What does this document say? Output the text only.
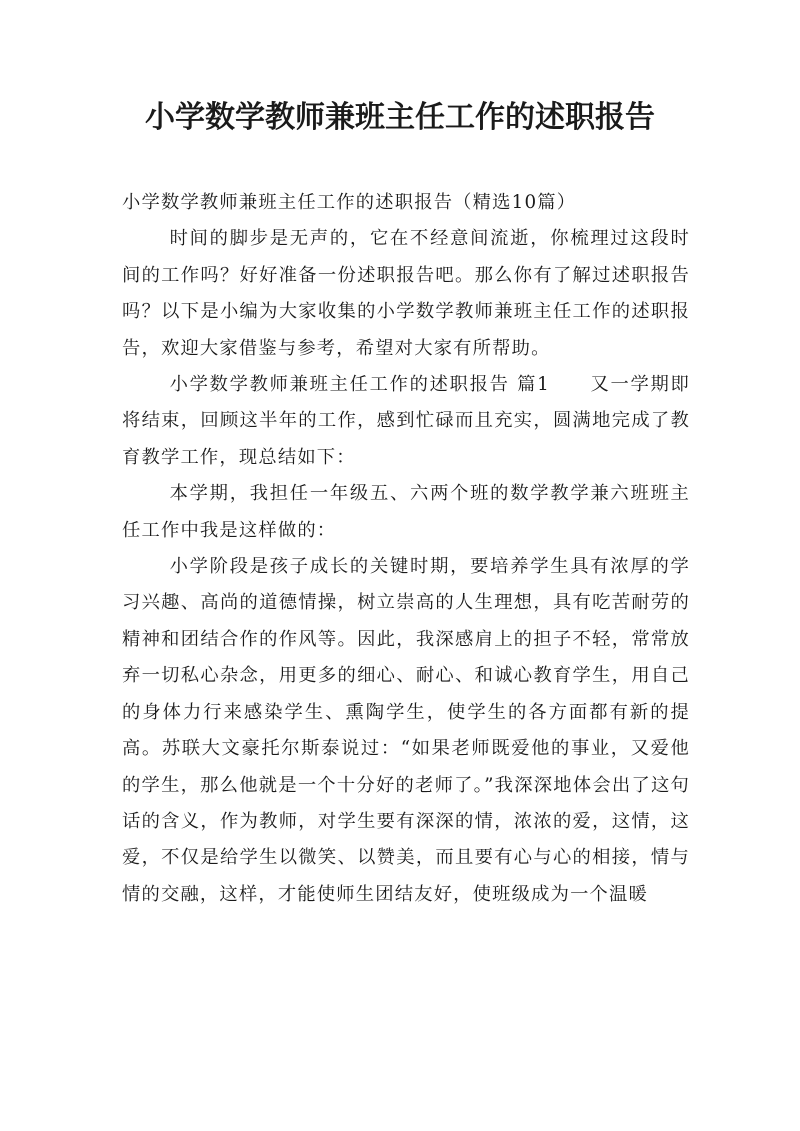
小学数学教师兼班主任工作的述职报告

小学数学教师兼班主任工作的述职报告（精选10篇）

时间的脚步是无声的，它在不经意间流逝，你梳理过这段时间的工作吗？好好准备一份述职报告吧。那么你有了解过述职报告吗？以下是小编为大家收集的小学数学教师兼班主任工作的述职报告，欢迎大家借鉴与参考，希望对大家有所帮助。

小学数学教师兼班主任工作的述职报告 篇1　　又一学期即将结束，回顾这半年的工作，感到忙碌而且充实，圆满地完成了教育教学工作，现总结如下：

本学期，我担任一年级五、六两个班的数学教学兼六班班主任工作中我是这样做的：

小学阶段是孩子成长的关键时期，要培养学生具有浓厚的学习兴趣、高尚的道德情操，树立崇高的人生理想，具有吃苦耐劳的精神和团结合作的作风等。因此，我深感肩上的担子不轻，常常放弃一切私心杂念，用更多的细心、耐心、和诚心教育学生，用自己的身体力行来感染学生、熏陶学生，使学生的各方面都有新的提高。苏联大文豪托尔斯泰说过：“如果老师既爱他的事业，又爱他的学生，那么他就是一个十分好的老师了。”我深深地体会出了这句话的含义，作为教师，对学生要有深深的情，浓浓的爱，这情，这爱，不仅是给学生以微笑、以赞美，而且要有心与心的相接，情与情的交融，这样，才能使师生团结友好，使班级成为一个温暖
